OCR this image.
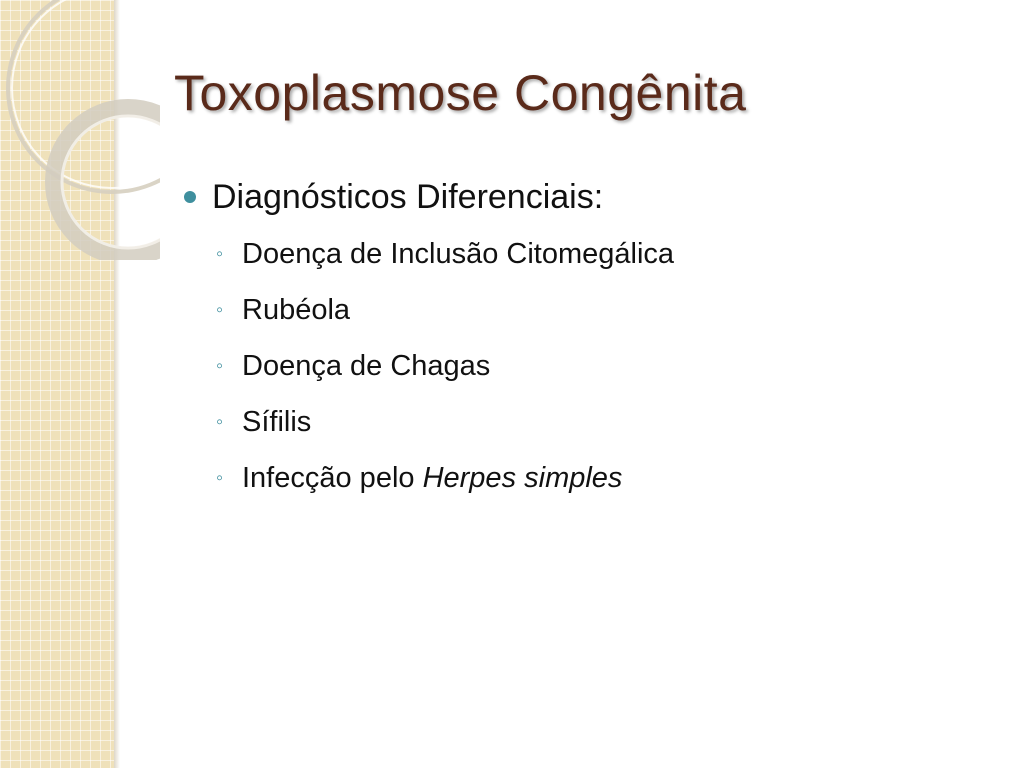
Toxoplasmose Congênita
Diagnósticos Diferenciais:
◦ Doença de Inclusão Citomegálica
◦ Rubéola
◦ Doença de Chagas
◦ Sífilis
◦ Infecção pelo Herpes simples
